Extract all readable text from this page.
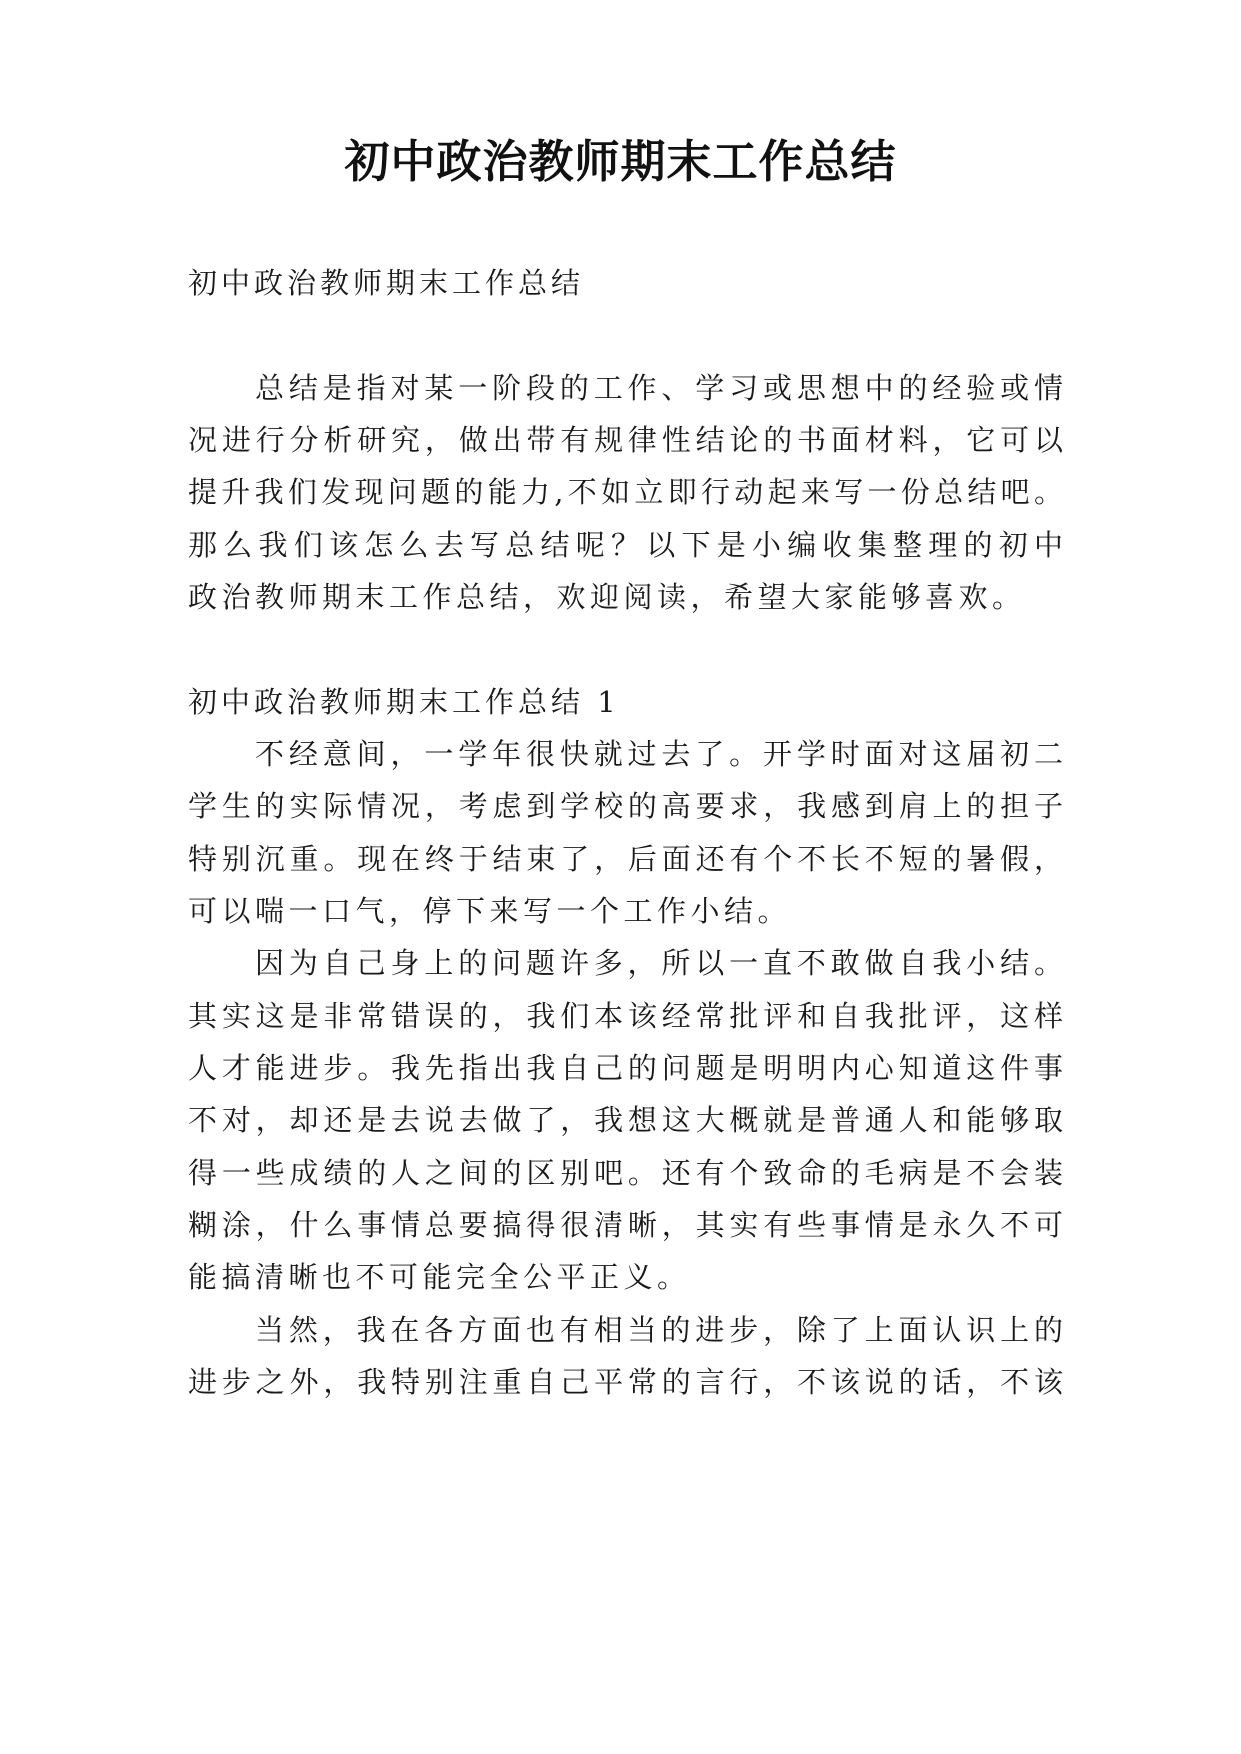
初中政治教师期末工作总结
初中政治教师期末工作总结
总结是指对某一阶段的工作、学习或思想中的经验或情
况进行分析研究，做出带有规律性结论的书面材料，它可以
提升我们发现问题的能力,不如立即行动起来写一份总结吧。
那么我们该怎么去写总结呢？以下是小编收集整理的初中
政治教师期末工作总结，欢迎阅读，希望大家能够喜欢。
初中政治教师期末工作总结 1
不经意间，一学年很快就过去了。开学时面对这届初二
学生的实际情况，考虑到学校的高要求，我感到肩上的担子
特别沉重。现在终于结束了，后面还有个不长不短的暑假，
可以喘一口气，停下来写一个工作小结。
因为自己身上的问题许多，所以一直不敢做自我小结。
其实这是非常错误的，我们本该经常批评和自我批评，这样
人才能进步。我先指出我自己的问题是明明内心知道这件事
不对，却还是去说去做了，我想这大概就是普通人和能够取
得一些成绩的人之间的区别吧。还有个致命的毛病是不会装
糊涂，什么事情总要搞得很清晰，其实有些事情是永久不可
能搞清晰也不可能完全公平正义。
当然，我在各方面也有相当的进步，除了上面认识上的
进步之外，我特别注重自己平常的言行，不该说的话，不该
